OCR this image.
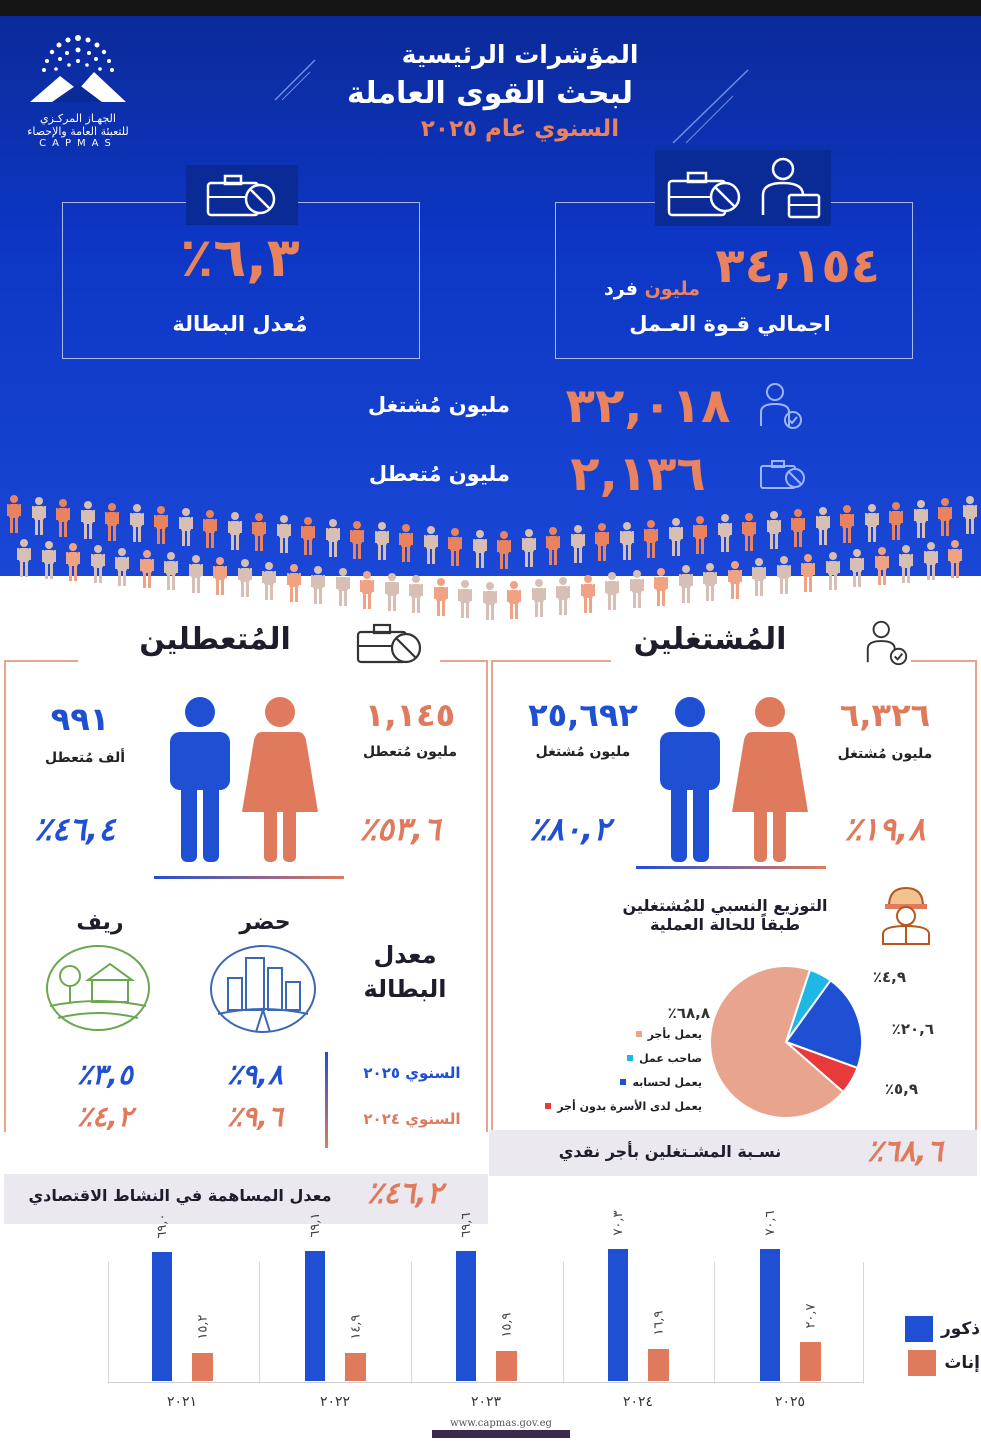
الجهـاز المركـزي
للتعبئة العامة والإحصاء
CAPMAS
المؤشرات الرئيسية
لبحث القوى العاملة
السنوي عام ٢٠٢٥
٦,٣٪
مُعدل البطالة
٣٤,١٥٤
مليون فرد
اجمالي قـوة العـمل
مليون مُشتغل	٣٢,٠١٨
مليون مُتعطل	٢,١٣٦
المُشتغلين
٦,٣٢٦
مليون مُشتغل
١٩,٨٪
٢٥,٦٩٢
مليون مُشتغل
٨٠,٢٪
التوزيع النسبي للمُشتغلين
طبقاً للحالة العملية
٦٨,٨٪
٤,٩٪
٢٠,٦٪
٥,٩٪
يعمل بأجر
صاحب عمل
يعمل لحسابه
يعمل لدى الأسرة بدون أجر
٦٨,٦٪
نسـبة المشـتغلين بأجر نقدي
المُتعطلين
١,١٤٥
مليون مُتعطل
٥٣,٦٪
٩٩١
ألف مُتعطل
٤٦,٤٪
معدل
البطالة
حضر
ريف
السنوي ٢٠٢٥
السنوي ٢٠٢٤
٩,٨٪
٣,٥٪
٩,٦٪
٤,٢٪
٤٦,٢٪
معدل المساهمة في النشاط الاقتصادي
٦٩,٠
١٥,٢
٢٠٢١
٦٩,١
١٤,٩
٢٠٢٢
٦٩,٦
١٥,٩
٢٠٢٣
٧٠,٣
١٦,٩
٢٠٢٤
٧٠,٦
٢٠,٧
٢٠٢٥
ذكور
إناث
www.capmas.gov.eg
